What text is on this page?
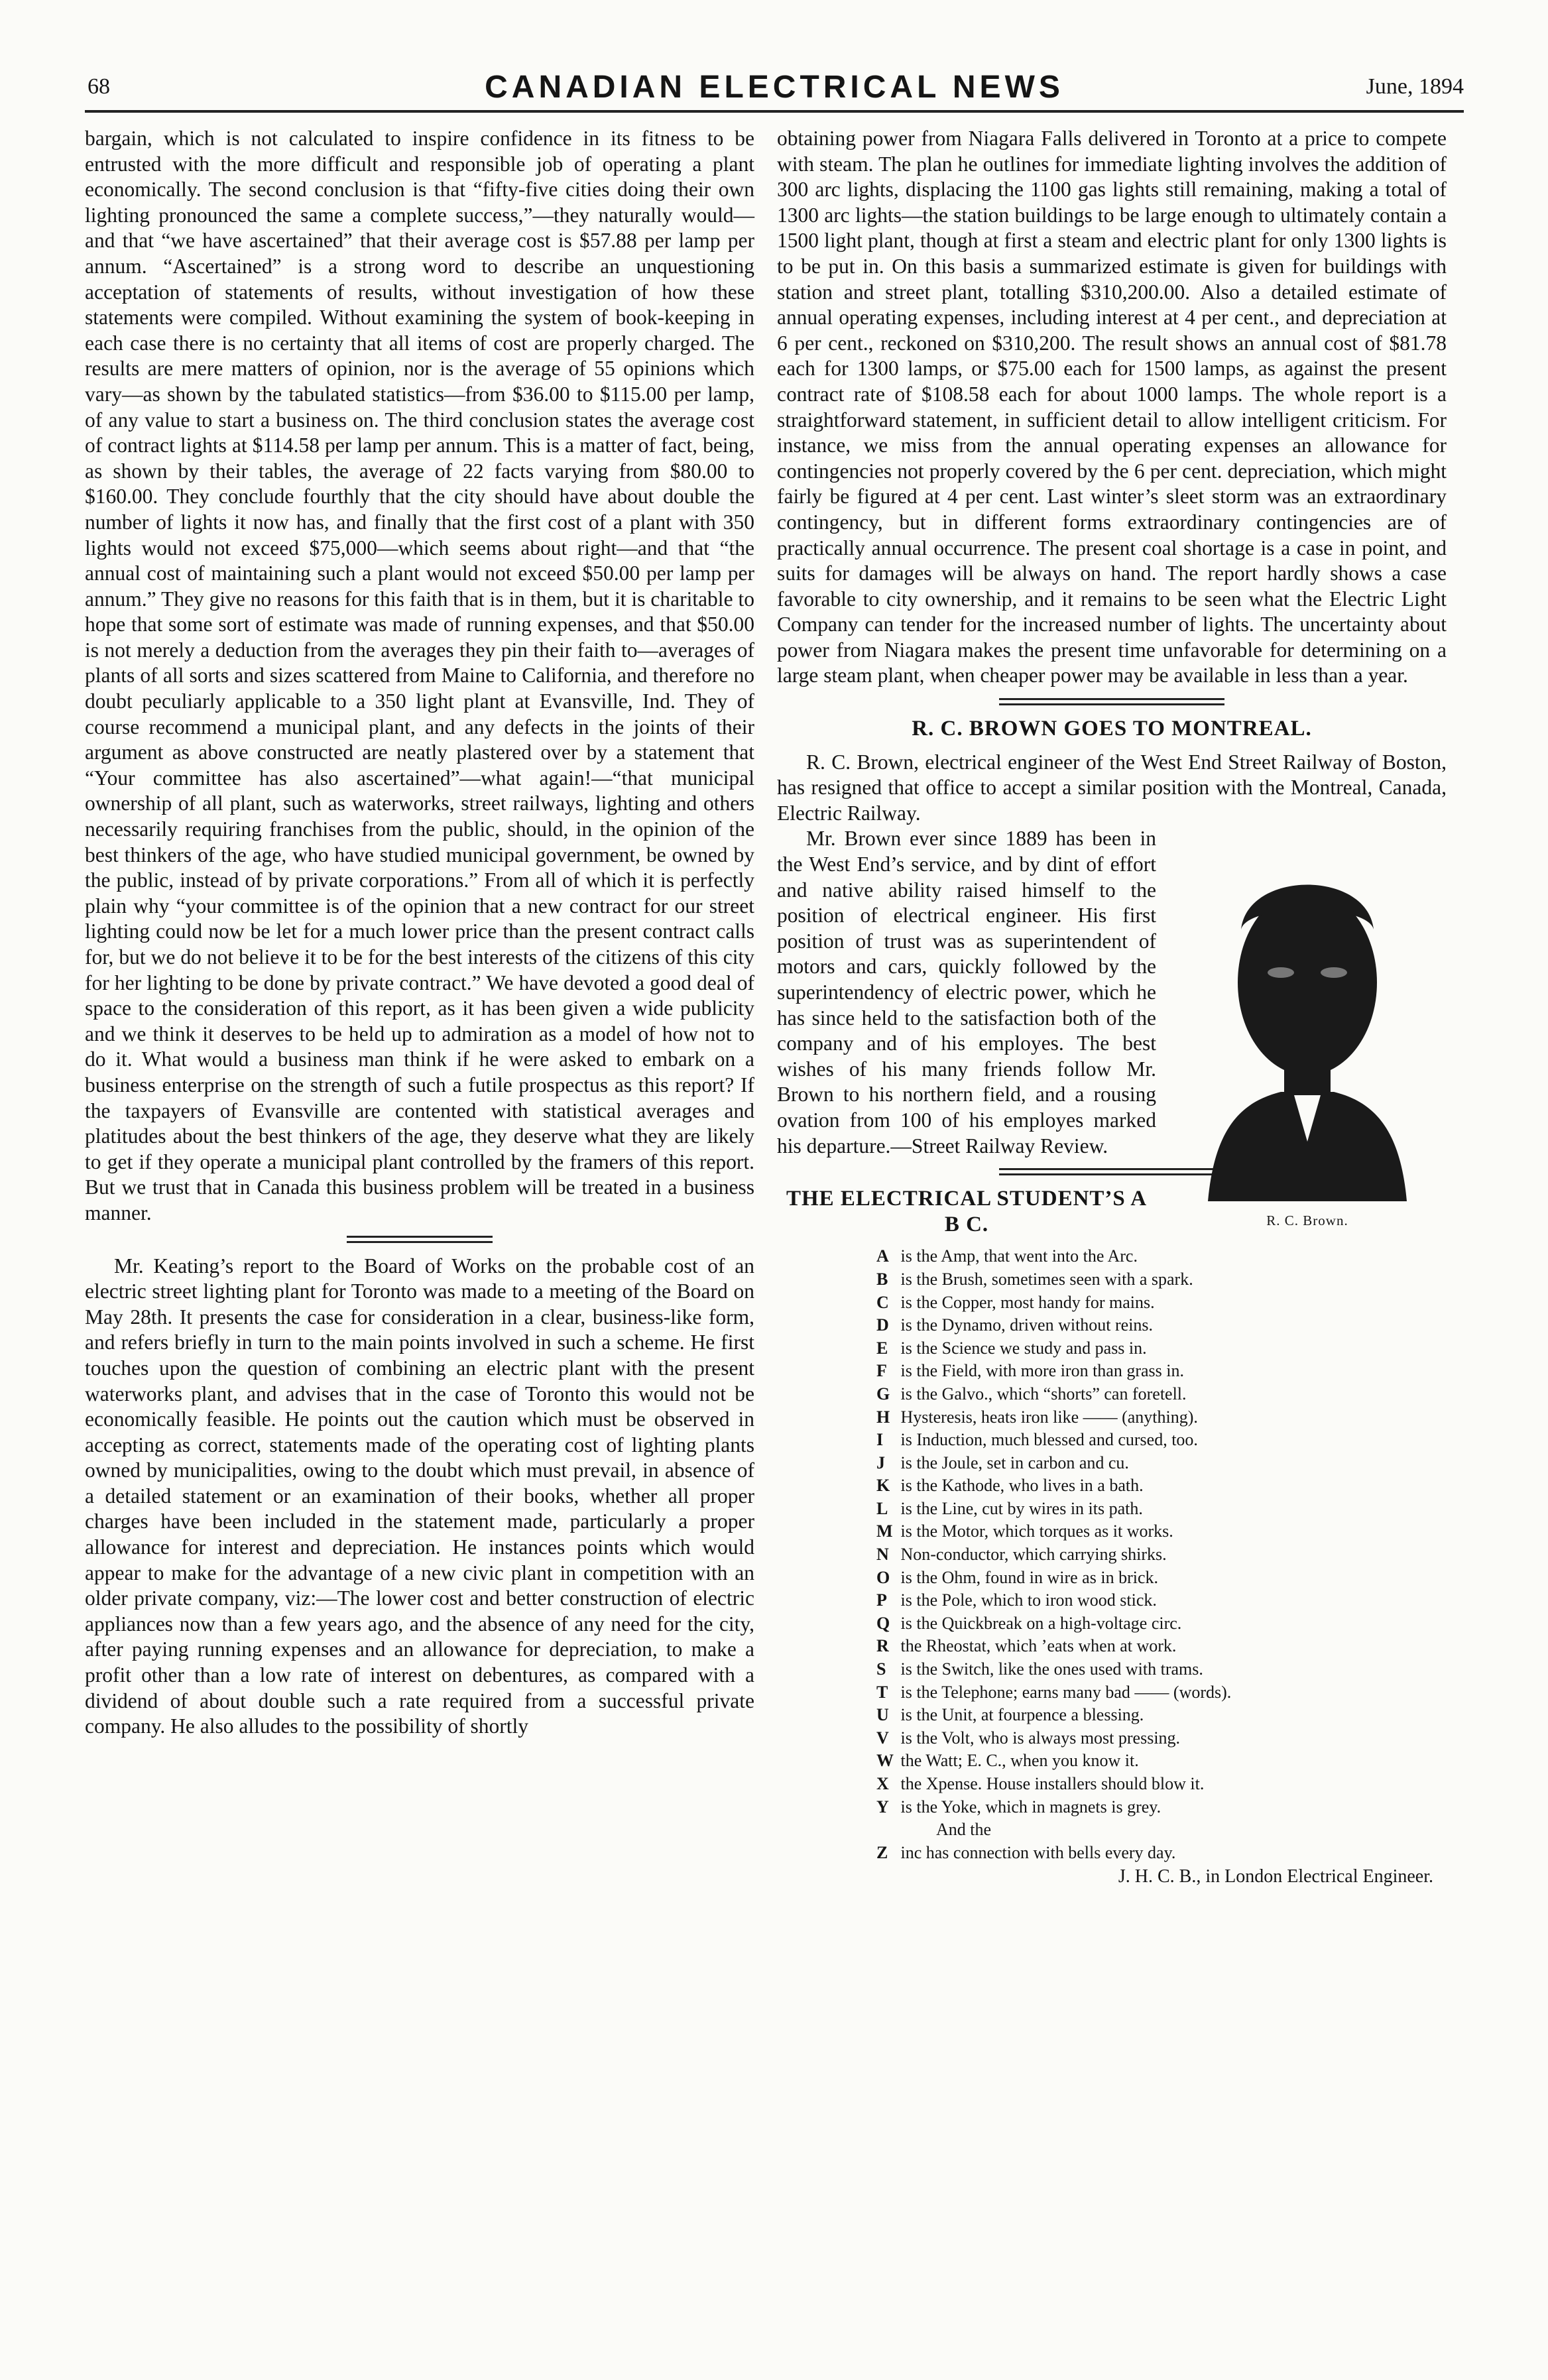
68	CANADIAN ELECTRICAL NEWS	June, 1894

bargain, which is not calculated to inspire confidence in its fitness to be entrusted with the more difficult and responsible job of operating a plant economically. The second conclusion is that “fifty-five cities doing their own lighting pronounced the same a complete success,”—they naturally would—and that “we have ascertained” that their average cost is $57.88 per lamp per annum. “Ascertained” is a strong word to describe an unquestioning acceptation of statements of results, without investigation of how these statements were compiled. Without examining the system of book-keeping in each case there is no certainty that all items of cost are properly charged. The results are mere matters of opinion, nor is the average of 55 opinions which vary—as shown by the tabulated statistics—from $36.00 to $115.00 per lamp, of any value to start a business on. The third conclusion states the average cost of contract lights at $114.58 per lamp per annum. This is a matter of fact, being, as shown by their tables, the average of 22 facts varying from $80.00 to $160.00. They conclude fourthly that the city should have about double the number of lights it now has, and finally that the first cost of a plant with 350 lights would not exceed $75,000—which seems about right—and that “the annual cost of maintaining such a plant would not exceed $50.00 per lamp per annum.” They give no reasons for this faith that is in them, but it is charitable to hope that some sort of estimate was made of running expenses, and that $50.00 is not merely a deduction from the averages they pin their faith to—averages of plants of all sorts and sizes scattered from Maine to California, and therefore no doubt peculiarly applicable to a 350 light plant at Evansville, Ind. They of course recommend a municipal plant, and any defects in the joints of their argument as above constructed are neatly plastered over by a statement that “Your committee has also ascertained”—what again!—“that municipal ownership of all plant, such as waterworks, street railways, lighting and others necessarily requiring franchises from the public, should, in the opinion of the best thinkers of the age, who have studied municipal government, be owned by the public, instead of by private corporations.” From all of which it is perfectly plain why “your committee is of the opinion that a new contract for our street lighting could now be let for a much lower price than the present contract calls for, but we do not believe it to be for the best interests of the citizens of this city for her lighting to be done by private contract.” We have devoted a good deal of space to the consideration of this report, as it has been given a wide publicity and we think it deserves to be held up to admiration as a model of how not to do it. What would a business man think if he were asked to embark on a business enterprise on the strength of such a futile prospectus as this report? If the taxpayers of Evansville are contented with statistical averages and platitudes about the best thinkers of the age, they deserve what they are likely to get if they operate a municipal plant controlled by the framers of this report. But we trust that in Canada this business problem will be treated in a business manner.

Mr. Keating’s report to the Board of Works on the probable cost of an electric street lighting plant for Toronto was made to a meeting of the Board on May 28th. It presents the case for consideration in a clear, business-like form, and refers briefly in turn to the main points involved in such a scheme. He first touches upon the question of combining an electric plant with the present waterworks plant, and advises that in the case of Toronto this would not be economically feasible. He points out the caution which must be observed in accepting as correct, statements made of the operating cost of lighting plants owned by municipalities, owing to the doubt which must prevail, in absence of a detailed statement or an examination of their books, whether all proper charges have been included in the statement made, particularly a proper allowance for interest and depreciation. He instances points which would appear to make for the advantage of a new civic plant in competition with an older private company, viz:—The lower cost and better construction of electric appliances now than a few years ago, and the absence of any need for the city, after paying running expenses and an allowance for depreciation, to make a profit other than a low rate of interest on debentures, as compared with a dividend of about double such a rate required from a successful private company. He also alludes to the possibility of shortly

obtaining power from Niagara Falls delivered in Toronto at a price to compete with steam. The plan he outlines for immediate lighting involves the addition of 300 arc lights, displacing the 1100 gas lights still remaining, making a total of 1300 arc lights—the station buildings to be large enough to ultimately contain a 1500 light plant, though at first a steam and electric plant for only 1300 lights is to be put in. On this basis a summarized estimate is given for buildings with station and street plant, totalling $310,200.00. Also a detailed estimate of annual operating expenses, including interest at 4 per cent., and depreciation at 6 per cent., reckoned on $310,200. The result shows an annual cost of $81.78 each for 1300 lamps, or $75.00 each for 1500 lamps, as against the present contract rate of $108.58 each for about 1000 lamps. The whole report is a straightforward statement, in sufficient detail to allow intelligent criticism. For instance, we miss from the annual operating expenses an allowance for contingencies not properly covered by the 6 per cent. depreciation, which might fairly be figured at 4 per cent. Last winter’s sleet storm was an extraordinary contingency, but in different forms extraordinary contingencies are of practically annual occurrence. The present coal shortage is a case in point, and suits for damages will be always on hand. The report hardly shows a case favorable to city ownership, and it remains to be seen what the Electric Light Company can tender for the increased number of lights. The uncertainty about power from Niagara makes the present time unfavorable for determining on a large steam plant, when cheaper power may be available in less than a year.

R. C. BROWN GOES TO MONTREAL.

R. C. Brown, electrical engineer of the West End Street Railway of Boston, has resigned that office to accept a similar position with the Montreal, Canada, Electric Railway.

R. C. Brown.

Mr. Brown ever since 1889 has been in the West End’s service, and by dint of effort and native ability raised himself to the position of electrical engineer. His first position of trust was as superintendent of motors and cars, quickly followed by the superintendency of electric power, which he has since held to the satisfaction both of the company and of his employes. The best wishes of his many friends follow Mr. Brown to his northern field, and a rousing ovation from 100 of his employes marked his departure.—Street Railway Review.

THE ELECTRICAL STUDENT’S A B C.
A is the Amp, that went into the Arc.
B is the Brush, sometimes seen with a spark.
C is the Copper, most handy for mains.
D is the Dynamo, driven without reins.
E is the Science we study and pass in.
F is the Field, with more iron than grass in.
G is the Galvo., which “shorts” can foretell.
H Hysteresis, heats iron like —— (anything).
I is Induction, much blessed and cursed, too.
J is the Joule, set in carbon and cu.
K is the Kathode, who lives in a bath.
L is the Line, cut by wires in its path.
M is the Motor, which torques as it works.
N Non-conductor, which carrying shirks.
O is the Ohm, found in wire as in brick.
P is the Pole, which to iron wood stick.
Q is the Quickbreak on a high-voltage circ.
R the Rheostat, which ’eats when at work.
S is the Switch, like the ones used with trams.
T is the Telephone; earns many bad —— (words).
U is the Unit, at fourpence a blessing.
V is the Volt, who is always most pressing.
W the Watt; E. C., when you know it.
X the Xpense. House installers should blow it.
Y is the Yoke, which in magnets is grey.
And the
Z inc has connection with bells every day.
J. H. C. B., in London Electrical Engineer.
